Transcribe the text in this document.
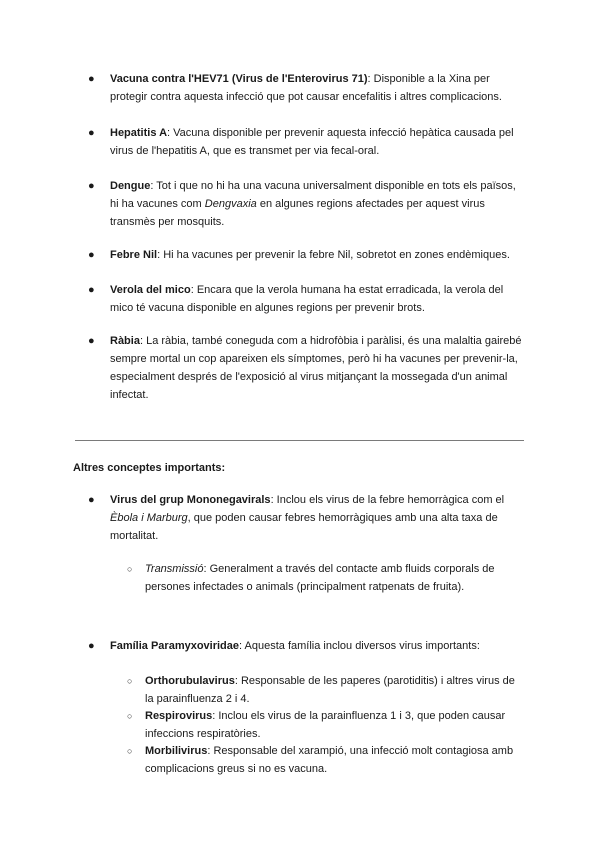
● Vacuna contra l'HEV71 (Virus de l'Enterovirus 71): Disponible a la Xina per protegir contra aquesta infecció que pot causar encefalitis i altres complicacions.
● Hepatitis A: Vacuna disponible per prevenir aquesta infecció hepàtica causada pel virus de l'hepatitis A, que es transmet per via fecal-oral.
● Dengue: Tot i que no hi ha una vacuna universalment disponible en tots els països, hi ha vacunes com Dengvaxia en algunes regions afectades per aquest virus transmès per mosquits.
● Febre Nil: Hi ha vacunes per prevenir la febre Nil, sobretot en zones endèmiques.
● Verola del mico: Encara que la verola humana ha estat erradicada, la verola del mico té vacuna disponible en algunes regions per prevenir brots.
● Ràbia: La ràbia, també coneguda com a hidrofòbia i paràlisi, és una malaltia gairebé sempre mortal un cop apareixen els símptomes, però hi ha vacunes per prevenir-la, especialment després de l'exposició al virus mitjançant la mossegada d'un animal infectat.
Altres conceptes importants:
● Virus del grup Mononegavirals: Inclou els virus de la febre hemorràgica com el Èbola i Marburg, que poden causar febres hemorràgiques amb una alta taxa de mortalitat.
○ Transmissió: Generalment a través del contacte amb fluids corporals de persones infectades o animals (principalment ratpenats de fruita).
● Família Paramyxoviridae: Aquesta família inclou diversos virus importants:
○ Orthorubulavirus: Responsable de les paperes (parotiditis) i altres virus de la parainfluenza 2 i 4.
○ Respirovirus: Inclou els virus de la parainfluenza 1 i 3, que poden causar infeccions respiratòries.
○ Morbilivirus: Responsable del xarampió, una infecció molt contagiosa amb complicacions greus si no es vacuna.
